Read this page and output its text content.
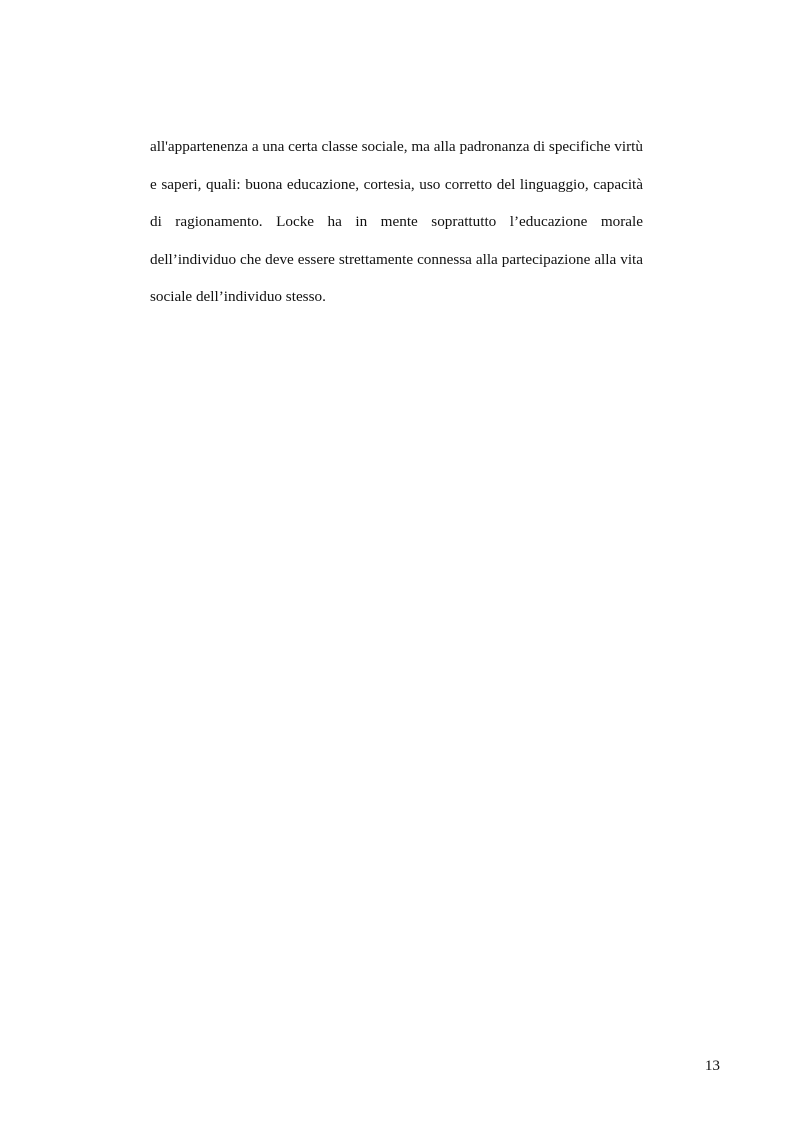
all'appartenenza a una certa classe sociale, ma alla padronanza di specifiche virtù e saperi, quali: buona educazione, cortesia, uso corretto del linguaggio, capacità di ragionamento. Locke ha in mente soprattutto l’educazione morale dell’individuo che deve essere strettamente connessa alla partecipazione alla vita sociale dell’individuo stesso.

13
